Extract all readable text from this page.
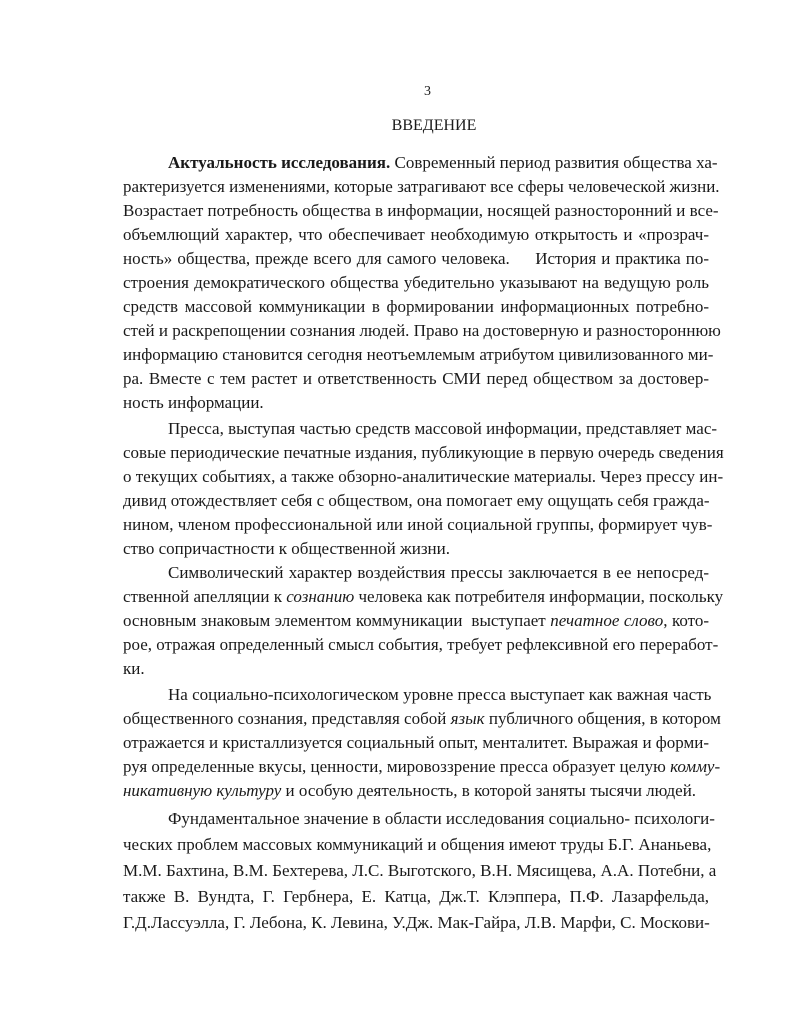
3
ВВЕДЕНИЕ
Актуальность исследования. Современный период развития общества ха-
рактеризуется изменениями, которые затрагивают все сферы человеческой жизни.
Возрастает потребность общества в информации, носящей разносторонний и все-
объемлющий характер, что обеспечивает необходимую открытость и «прозрач-
ность» общества, прежде всего для самого человека.     История и практика по-
строения демократического общества убедительно указывают на ведущую роль
средств массовой коммуникации в формировании информационных потребно-
стей и раскрепощении сознания людей. Право на достоверную и разностороннюю
информацию становится сегодня неотъемлемым атрибутом цивилизованного ми-
ра. Вместе с тем растет и ответственность СМИ перед обществом за достовер-
ность информации.
Пресса, выступая частью средств массовой информации, представляет мас-
совые периодические печатные издания, публикующие в первую очередь сведения
о текущих событиях, а также обзорно-аналитические материалы. Через прессу ин-
дивид отождествляет себя с обществом, она помогает ему ощущать себя гражда-
нином, членом профессиональной или иной социальной группы, формирует чув-
ство сопричастности к общественной жизни.
Символический характер воздействия прессы заключается в ее непосред-
ственной апелляции к сознанию человека как потребителя информации, поскольку
основным знаковым элементом коммуникации  выступает печатное слово, кото-
рое, отражая определенный смысл события, требует рефлексивной его переработ-
ки.
На социально-психологическом уровне пресса выступает как важная часть
общественного сознания, представляя собой язык публичного общения, в котором
отражается и кристаллизуется социальный опыт, менталитет. Выражая и форми-
руя определенные вкусы, ценности, мировоззрение пресса образует целую комму-
никативную культуру и особую деятельность, в которой заняты тысячи людей.
Фундаментальное значение в области исследования социально- психологи-
ческих проблем массовых коммуникаций и общения имеют труды Б.Г. Ананьева,
М.М. Бахтина, В.М. Бехтерева, Л.С. Выготского, В.Н. Мясищева, А.А. Потебни, а
также В. Вундта, Г. Гербнера, Е. Катца, Дж.Т. Клэппера, П.Ф. Лазарфельда,
Г.Д.Лассуэлла, Г. Лебона, К. Левина, У.Дж. Мак-Гайра, Л.В. Марфи, С. Москови-
